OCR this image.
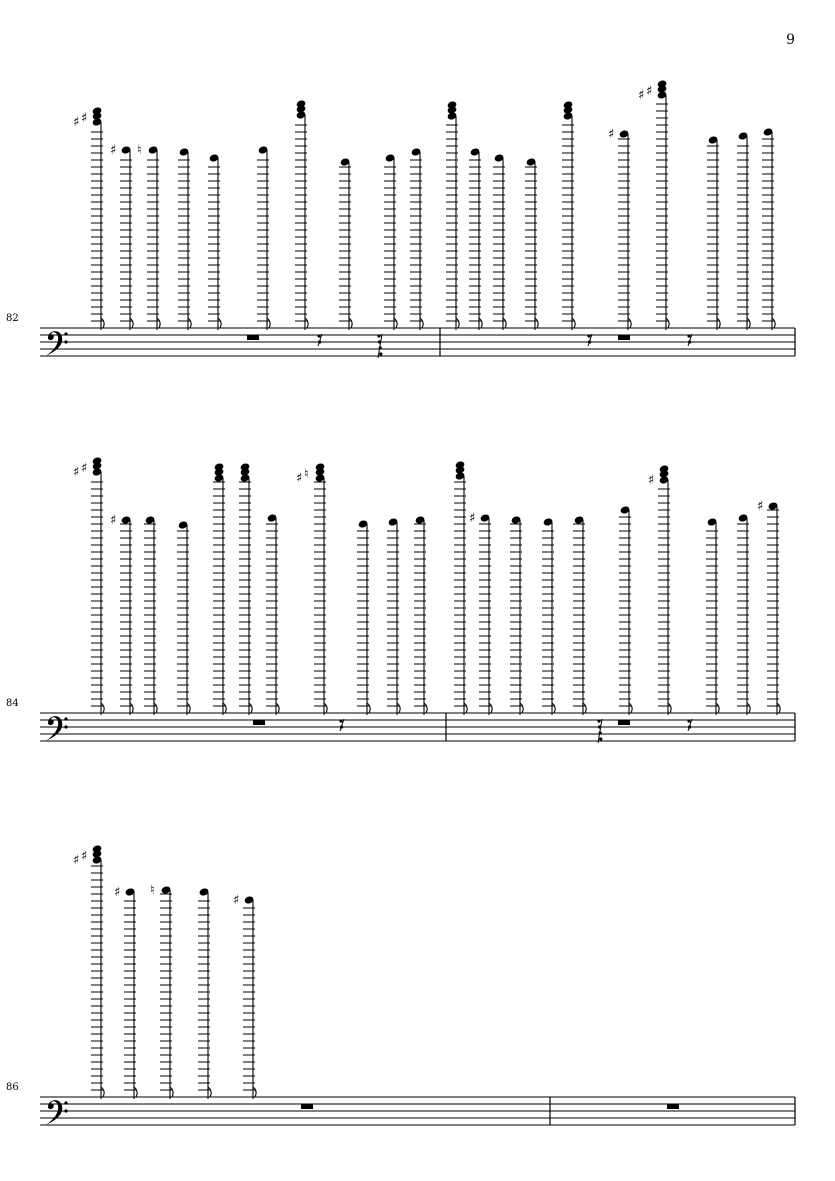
9
82
♯ ♯
♯ ♮
♯
♯ ♯
84
♯ ♯
♯
♯ ♮
♯
♯
♯
86
♯ ♯
♯ ♮
♯
